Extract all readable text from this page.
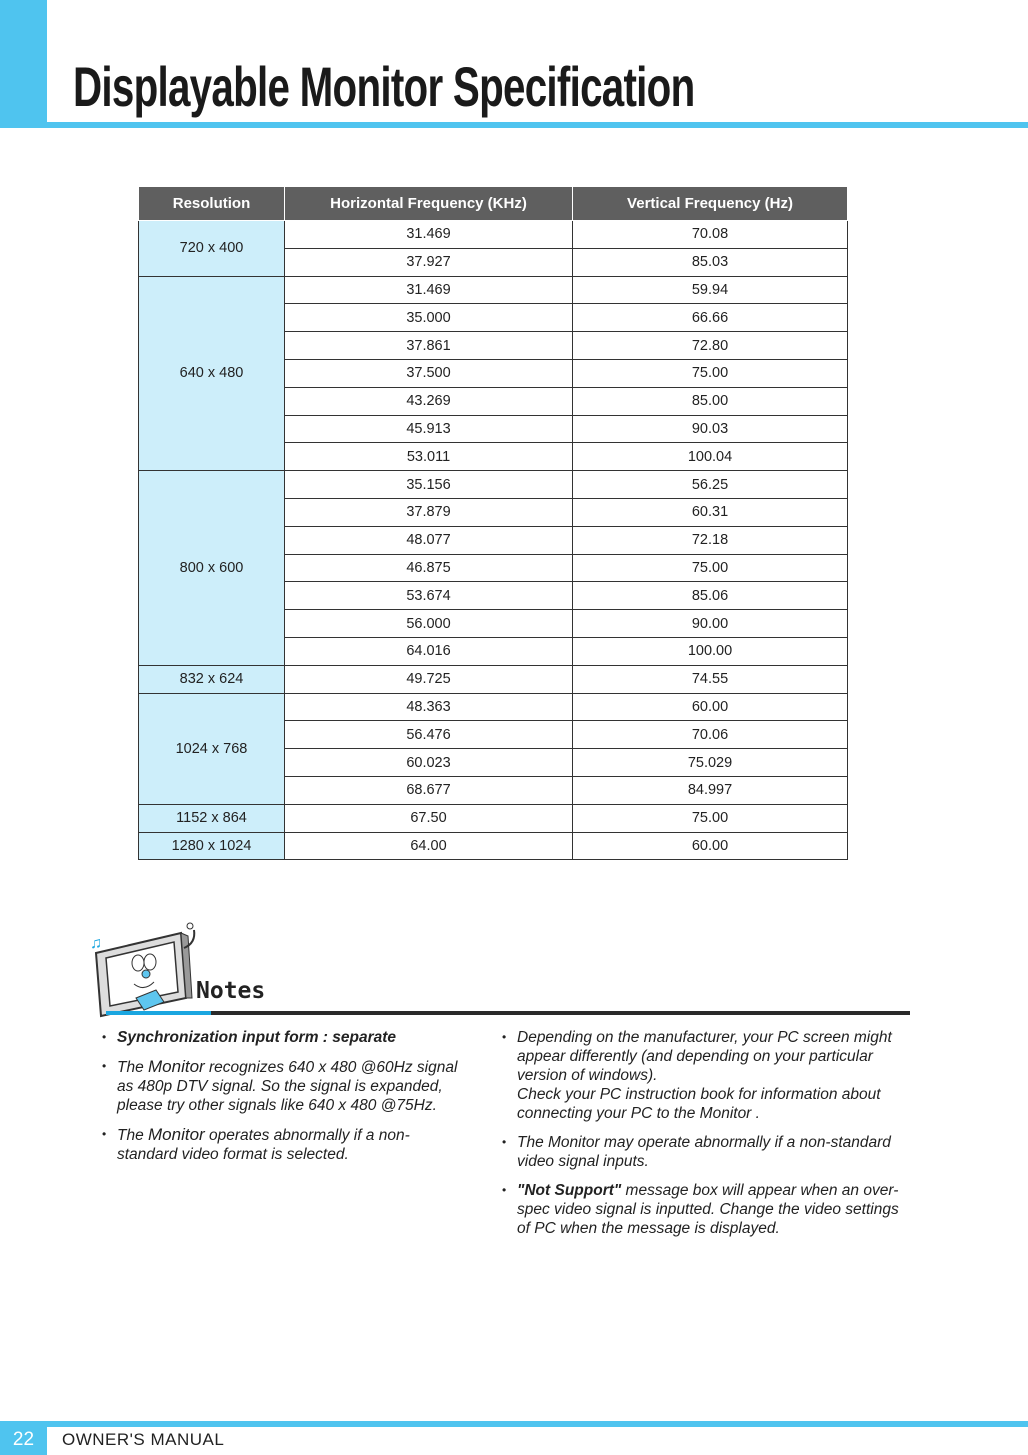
Displayable Monitor Specification
Resolution	Horizontal Frequency (KHz)	Vertical Frequency (Hz)
720 x 400	31.469	70.08
	37.927	85.03
640 x 480	31.469	59.94
	35.000	66.66
	37.861	72.80
	37.500	75.00
	43.269	85.00
	45.913	90.03
	53.011	100.04
800 x 600	35.156	56.25
	37.879	60.31
	48.077	72.18
	46.875	75.00
	53.674	85.06
	56.000	90.00
	64.016	100.00
832 x 624	49.725	74.55
1024 x 768	48.363	60.00
	56.476	70.06
	60.023	75.029
	68.677	84.997
1152 x 864	67.50	75.00
1280 x 1024	64.00	60.00
♫
Notes
• Synchronization input form : separate
• The Monitor recognizes 640 x 480 @60Hz signal as 480p DTV signal. So the signal is expanded, please try other signals like 640 x 480 @75Hz.
• The Monitor operates abnormally if a non-standard video format is selected.
• Depending on the manufacturer, your PC screen might appear differently (and depending on your particular version of windows).
Check your PC instruction book for information about connecting your PC to the Monitor .
• The Monitor may operate abnormally if a non-standard video signal inputs.
• "Not Support" message box will appear when an over-spec video signal is inputted. Change the video settings of PC when the message is displayed.
22	OWNER'S MANUAL
